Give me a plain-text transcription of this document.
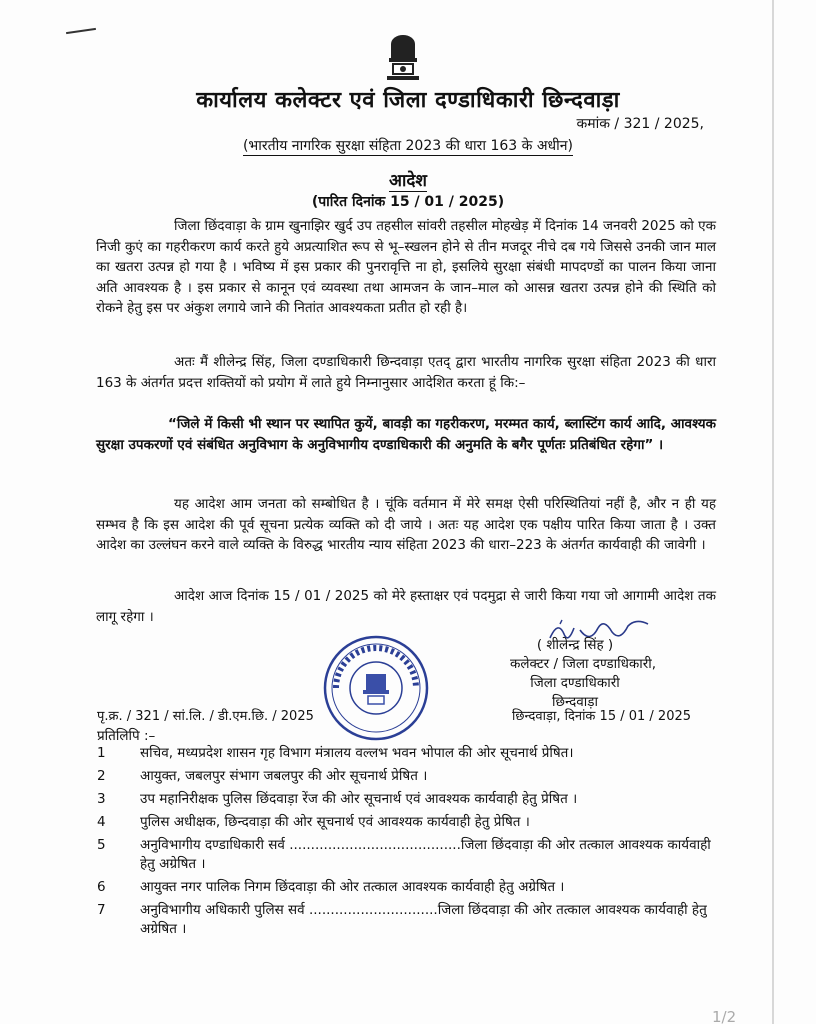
कार्यालय कलेक्टर एवं जिला दण्डाधिकारी छिन्दवाड़ा
कमांक / 321 / 2025,
(भारतीय नागरिक सुरक्षा संहिता 2023 की धारा 163 के अधीन)
आदेश
(पारित दिनांक 15 / 01 / 2025)
जिला छिंदवाड़ा के ग्राम खुनाझिर खुर्द उप तहसील सांवरी तहसील मोहखेड़ में दिनांक 14 जनवरी 2025 को एक निजी कुएं का गहरीकरण कार्य करते हुये अप्रत्याशित रूप से भू–स्खलन होने से तीन मजदूर नीचे दब गये जिससे उनकी जान माल का खतरा उत्पन्न हो गया है । भविष्य में इस प्रकार की पुनरावृत्ति ना हो, इसलिये सुरक्षा संबंधी मापदण्डों का पालन किया जाना अति आवश्यक है । इस प्रकार से कानून एवं व्यवस्था तथा आमजन के जान–माल को आसन्न खतरा उत्पन्न होने की स्थिति को रोकने हेतु इस पर अंकुश लगाये जाने की नितांत आवश्यकता प्रतीत हो रही है।
अतः मैं शीलेन्द्र सिंह, जिला दण्डाधिकारी छिन्दवाड़ा एतद् द्वारा भारतीय नागरिक सुरक्षा संहिता 2023 की धारा 163 के अंतर्गत प्रदत्त शक्तियों को प्रयोग में लाते हुये निम्नानुसार आदेशित करता हूं कि:–
“जिले में किसी भी स्थान पर स्थापित कुयें, बावड़ी का गहरीकरण, मरम्मत कार्य, ब्लास्टिंग कार्य आदि, आवश्यक सुरक्षा उपकरणों एवं संबंधित अनुविभाग के अनुविभागीय दण्डाधिकारी की अनुमति के बगैर पूर्णतः प्रतिबंधित रहेगा” ।
यह आदेश आम जनता को सम्बोधित है । चूंकि वर्तमान में मेरे समक्ष ऐसी परिस्थितियां नहीं है, और न ही यह सम्भव है कि इस आदेश की पूर्व सूचना प्रत्येक व्यक्ति को दी जाये । अतः यह आदेश एक पक्षीय पारित किया जाता है । उक्त आदेश का उल्लंघन करने वाले व्यक्ति के विरुद्ध भारतीय न्याय संहिता 2023 की धारा–223 के अंतर्गत कार्यवाही की जावेगी ।
आदेश आज दिनांक 15 / 01 / 2025 को मेरे हस्ताक्षर एवं पदमुद्रा से जारी किया गया जो आगामी आदेश तक लागू रहेगा ।
( शीलेन्द्र सिंह )
कलेक्टर / जिला दण्डाधिकारी,
जिला दण्डाधिकारी
छिन्दवाड़ा
पृ.क्र. / 321 / सां.लि. / डी.एम.छि. / 2025	छिन्दवाड़ा, दिनांक 15 / 01 / 2025
प्रतिलिपि :–
1	सचिव, मध्यप्रदेश शासन गृह विभाग मंत्रालय वल्लभ भवन भोपाल की ओर सूचनार्थ प्रेषित।
2	आयुक्त, जबलपुर संभाग जबलपुर की ओर सूचनार्थ प्रेषित ।
3	उप महानिरीक्षक पुलिस छिंदवाड़ा रेंज की ओर सूचनार्थ एवं आवश्यक कार्यवाही हेतु प्रेषित ।
4	पुलिस अधीक्षक, छिन्दवाड़ा की ओर सूचनार्थ एवं आवश्यक कार्यवाही हेतु प्रेषित ।
5	अनुविभागीय दण्डाधिकारी सर्व ........................................जिला छिंदवाड़ा की ओर तत्काल आवश्यक कार्यवाही हेतु अग्रेषित ।
6	आयुक्त नगर पालिक निगम छिंदवाड़ा की ओर तत्काल आवश्यक कार्यवाही हेतु अग्रेषित ।
7	अनुविभागीय अधिकारी पुलिस सर्व ..............................जिला छिंदवाड़ा की ओर तत्काल आवश्यक कार्यवाही हेतु अग्रेषित ।
1/2
